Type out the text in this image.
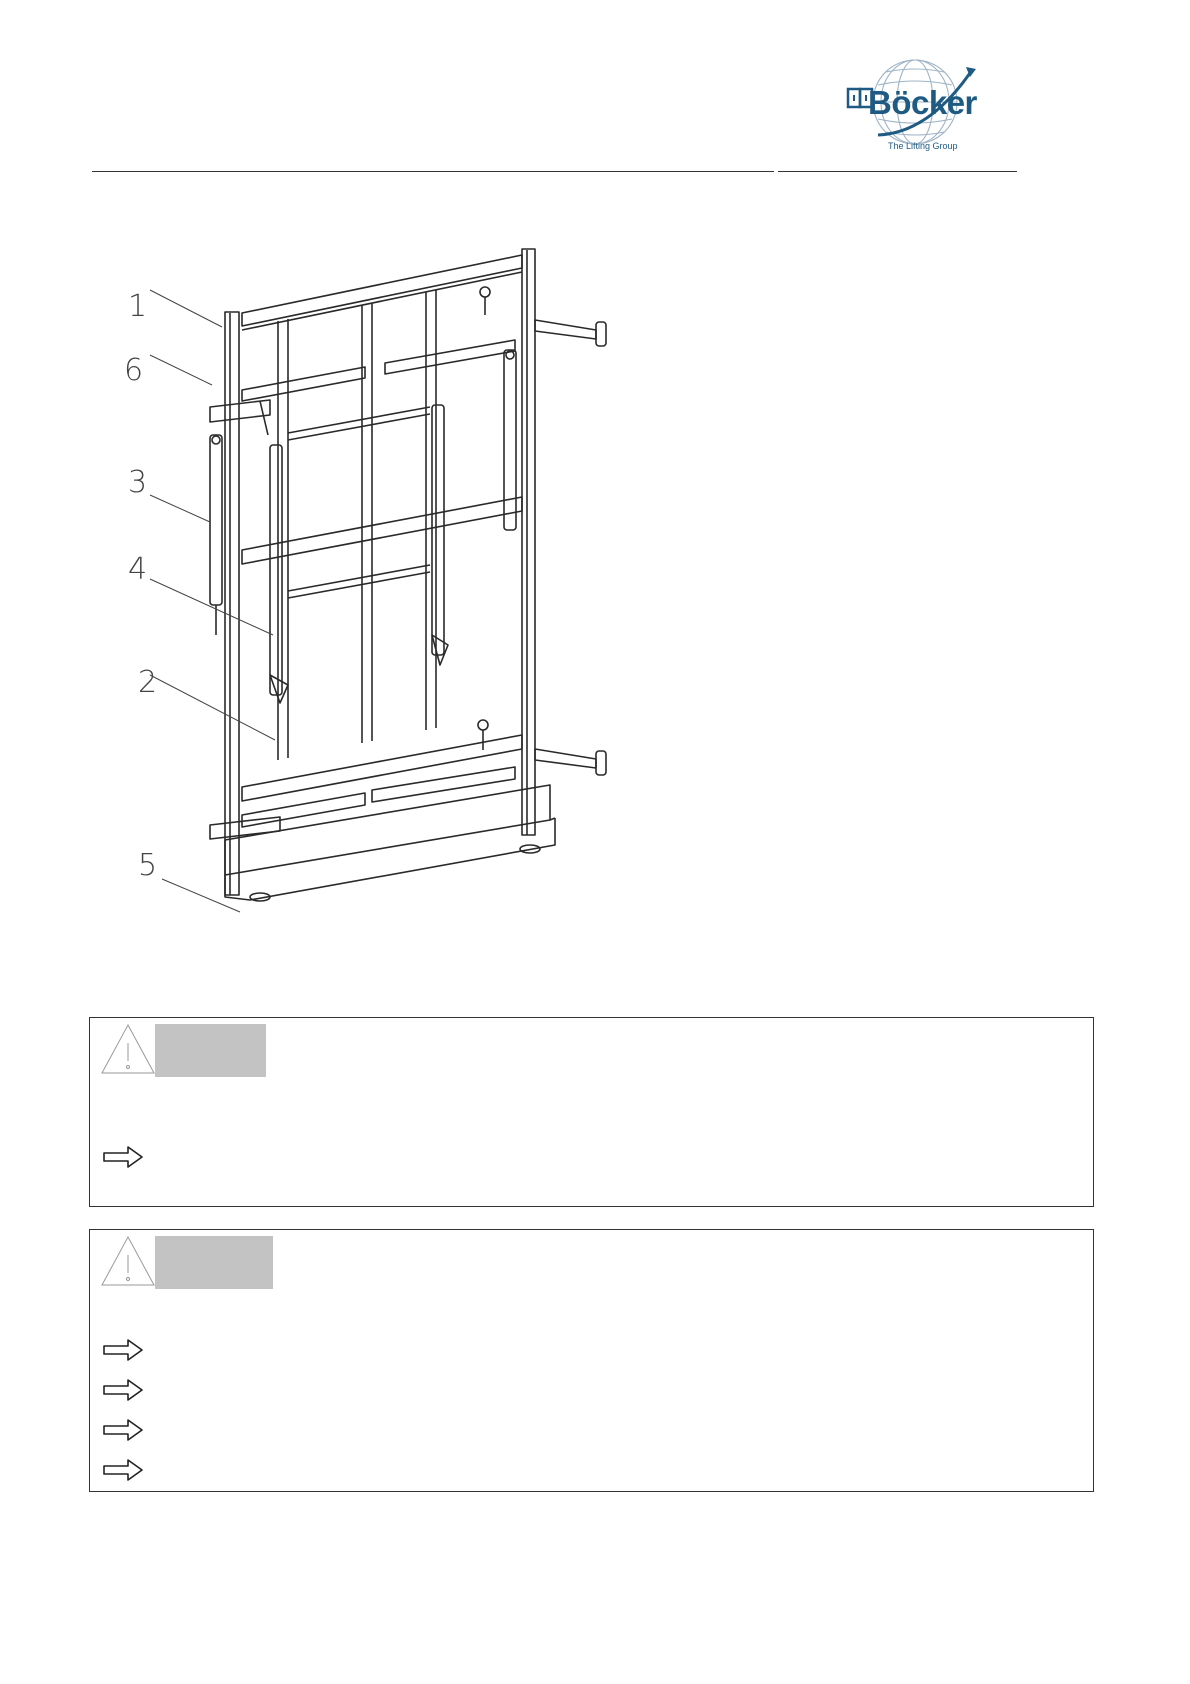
Böcker
The Lifting Group
1
6
3
4
2
5
